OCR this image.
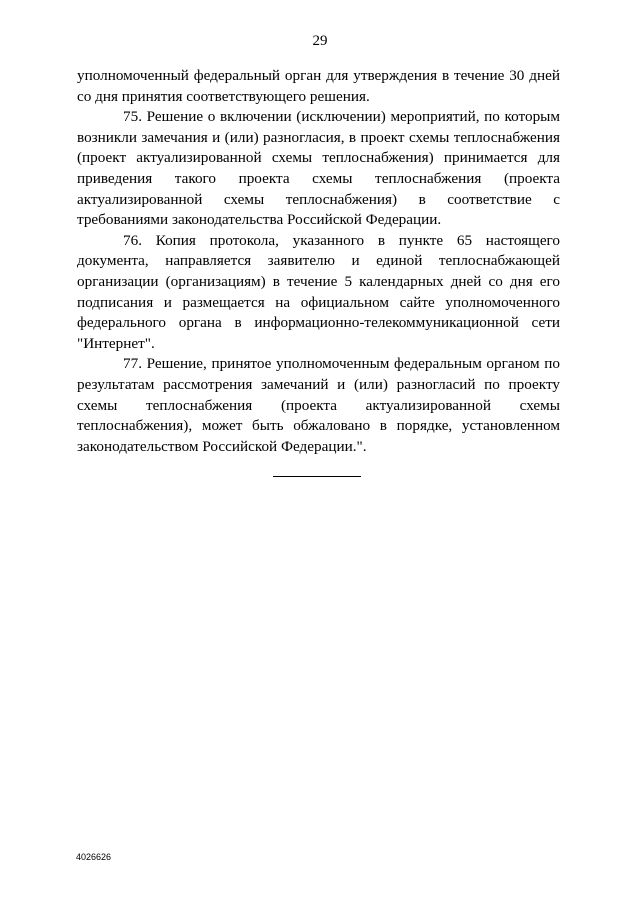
29

уполномоченный федеральный орган для утверждения в течение 30 дней со дня принятия соответствующего решения.

75. Решение о включении (исключении) мероприятий, по которым возникли замечания и (или) разногласия, в проект схемы теплоснабжения (проект актуализированной схемы теплоснабжения) принимается для приведения такого проекта схемы теплоснабжения (проекта актуализированной схемы теплоснабжения) в соответствие с требованиями законодательства Российской Федерации.

76. Копия протокола, указанного в пункте 65 настоящего документа, направляется заявителю и единой теплоснабжающей организации (организациям) в течение 5 календарных дней со дня его подписания и размещается на официальном сайте уполномоченного федерального органа в информационно-телекоммуникационной сети "Интернет".

77. Решение, принятое уполномоченным федеральным органом по результатам рассмотрения замечаний и (или) разногласий по проекту схемы теплоснабжения (проекта актуализированной схемы теплоснабжения), может быть обжаловано в порядке, установленном законодательством Российской Федерации.".

4026626
